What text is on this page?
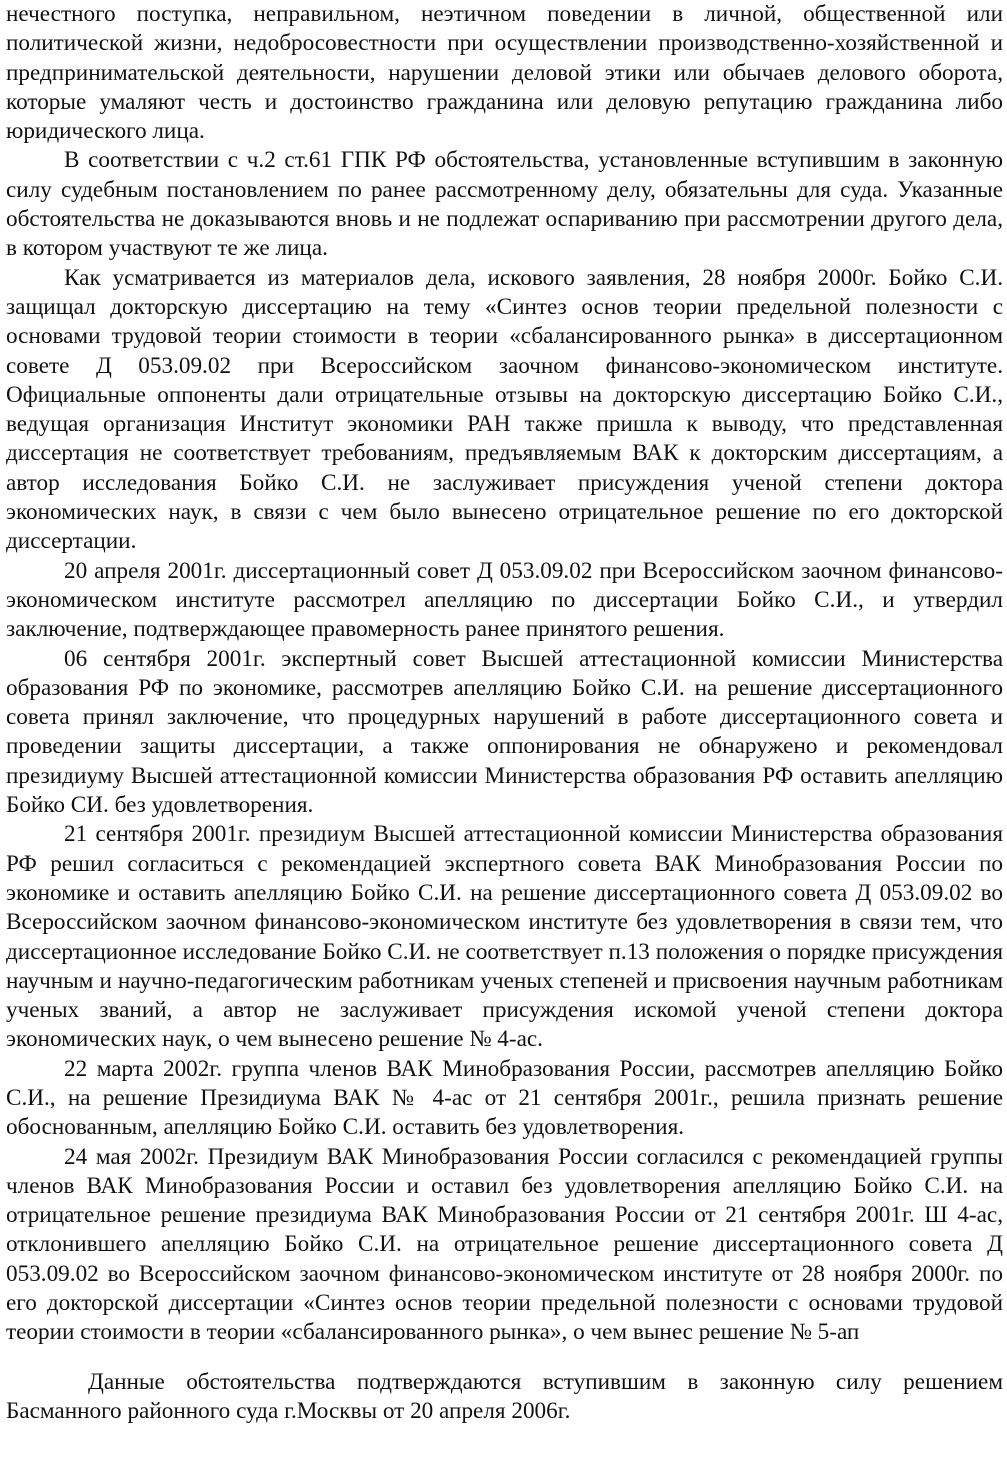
нечестного поступка, неправильном, неэтичном поведении в личной, общественной или политической жизни, недобросовестности при осуществлении производственно-хозяйственной и предпринимательской деятельности, нарушении деловой этики или обычаев делового оборота, которые умаляют честь и достоинство гражданина или деловую репутацию гражданина либо юридического лица.

В соответствии с ч.2 ст.61 ГПК РФ обстоятельства, установленные вступившим в законную силу судебным постановлением по ранее рассмотренному делу, обязательны для суда. Указанные обстоятельства не доказываются вновь и не подлежат оспариванию при рассмотрении другого дела, в котором участвуют те же лица.

Как усматривается из материалов дела, искового заявления, 28 ноября 2000г. Бойко С.И. защищал докторскую диссертацию на тему «Синтез основ теории предельной полезности с основами трудовой теории стоимости в теории «сбалансированного рынка» в диссертационном совете Д 053.09.02 при Всероссийском заочном финансово-экономическом институте. Официальные оппоненты дали отрицательные отзывы на докторскую диссертацию Бойко С.И., ведущая организация Институт экономики РАН также пришла к выводу, что представленная диссертация не соответствует требованиям, предъявляемым ВАК к докторским диссертациям, а автор исследования Бойко С.И. не заслуживает присуждения ученой степени доктора экономических наук, в связи с чем было вынесено отрицательное решение по его докторской диссертации.

20 апреля 2001г. диссертационный совет Д 053.09.02 при Всероссийском заочном финансово-экономическом институте рассмотрел апелляцию по диссертации Бойко С.И., и утвердил заключение, подтверждающее правомерность ранее принятого решения.

06 сентября 2001г. экспертный совет Высшей аттестационной комиссии Министерства образования РФ по экономике, рассмотрев апелляцию Бойко С.И. на решение диссертационного совета принял заключение, что процедурных нарушений в работе диссертационного совета и проведении защиты диссертации, а также оппонирования не обнаружено и рекомендовал президиуму Высшей аттестационной комиссии Министерства образования РФ оставить апелляцию Бойко СИ. без удовлетворения.

21 сентября 2001г. президиум Высшей аттестационной комиссии Министерства образования РФ решил согласиться с рекомендацией экспертного совета ВАК Минобразования России по экономике и оставить апелляцию Бойко С.И. на решение диссертационного совета Д 053.09.02 во Всероссийском заочном финансово-экономическом институте без удовлетворения в связи тем, что диссертационное исследование Бойко С.И. не соответствует п.13 положения о порядке присуждения научным и научно-педагогическим работникам ученых степеней и присвоения научным работникам ученых званий, а автор не заслуживает присуждения искомой ученой степени доктора экономических наук, о чем вынесено решение № 4-ас.

22 марта 2002г. группа членов ВАК Минобразования России, рассмотрев апелляцию Бойко С.И., на решение Президиума ВАК № 4-ас от 21 сентября 2001г., решила признать решение обоснованным, апелляцию Бойко С.И. оставить без удовлетворения.

24 мая 2002г. Президиум ВАК Минобразования России согласился с рекомендацией группы членов ВАК Минобразования России и оставил без удовлетворения апелляцию Бойко С.И. на отрицательное решение президиума ВАК Минобразования России от 21 сентября 2001г. Ш 4-ас, отклонившего апелляцию Бойко С.И. на отрицательное решение диссертационного совета Д 053.09.02 во Всероссийском заочном финансово-экономическом институте от 28 ноября 2000г. по его докторской диссертации «Синтез основ теории предельной полезности с основами трудовой теории стоимости в теории «сбалансированного рынка», о чем вынес решение № 5-ап

Данные обстоятельства подтверждаются вступившим в законную силу решением Басманного районного суда г.Москвы от 20 апреля 2006г.
